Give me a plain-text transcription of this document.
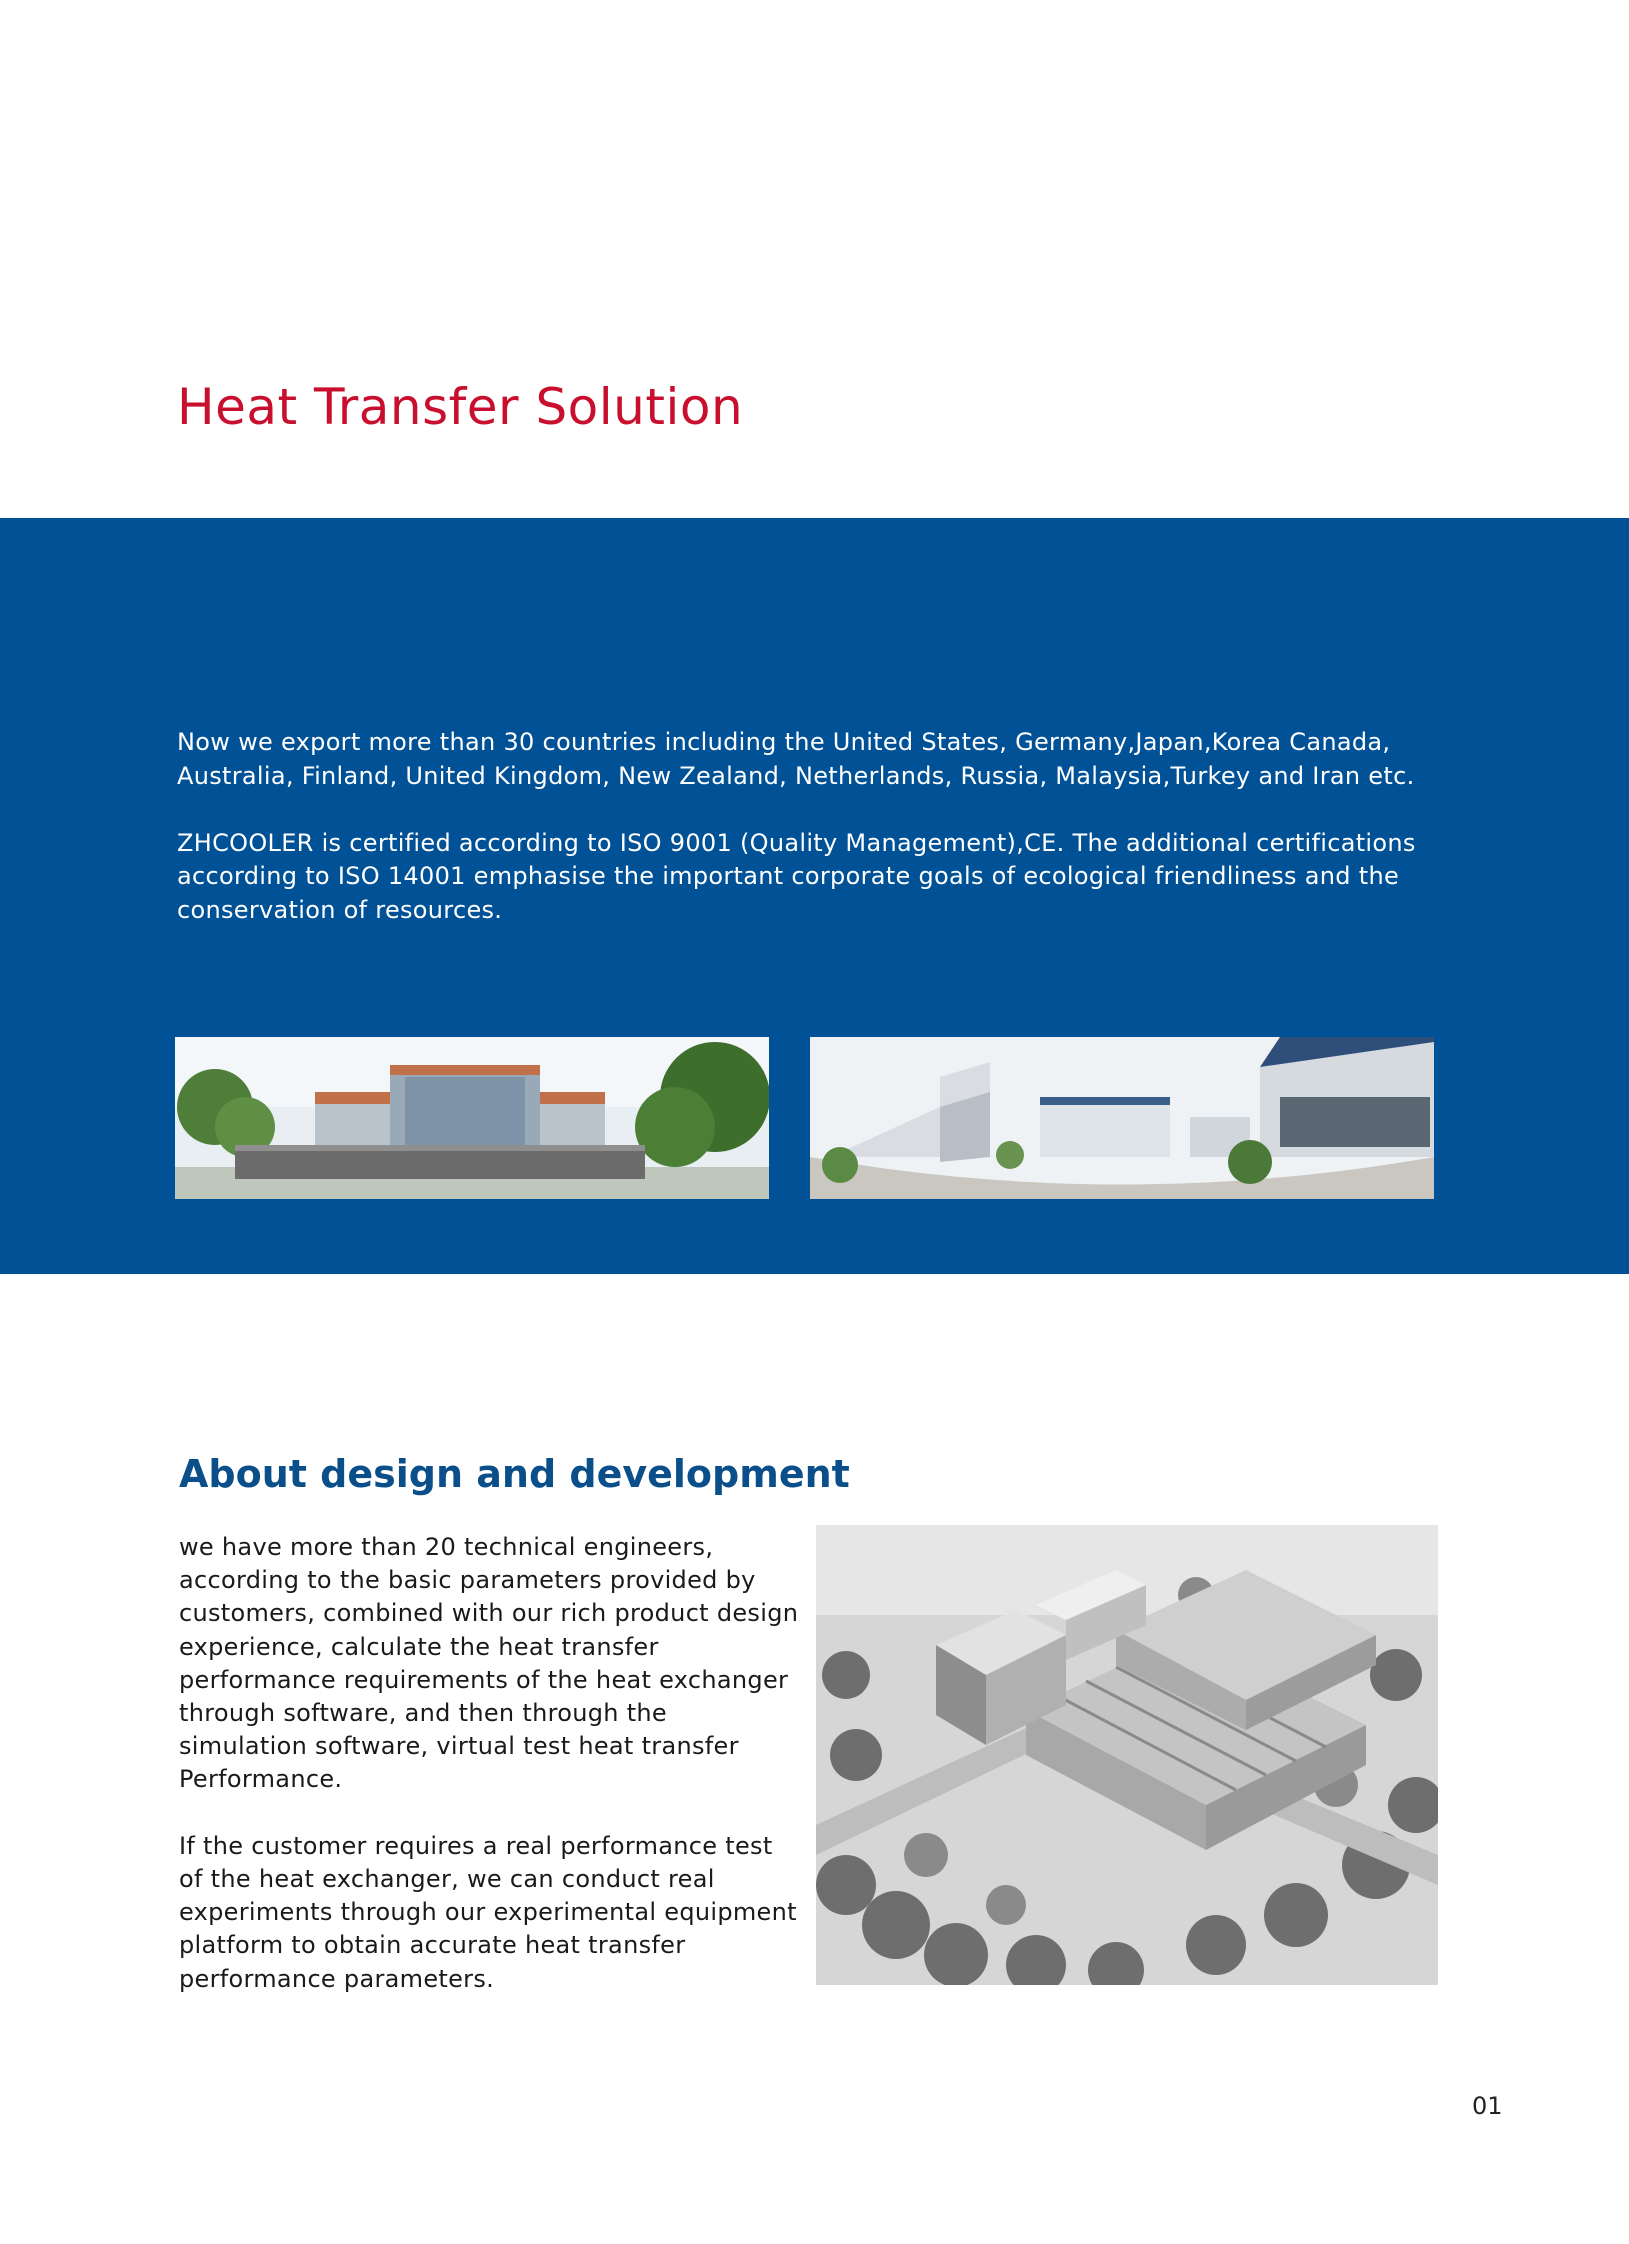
Heat Transfer Solution

Now we export more than 30 countries including the United States, Germany,Japan,Korea Canada, Australia, Finland, United Kingdom, New Zealand, Netherlands, Russia, Malaysia,Turkey and Iran etc.

ZHCOOLER is certified according to ISO 9001 (Quality Management),CE. The additional certifications according to ISO 14001 emphasise the important corporate goals of ecological friendliness and the conservation of resources.

About design and development

we have more than 20 technical engineers, according to the basic parameters provided by customers, combined with our rich product design experience, calculate the heat transfer performance requirements of the heat exchanger through software, and then through the simulation software, virtual test heat transfer Performance.

If the customer requires a real performance test of the heat exchanger, we can conduct real experiments through our experimental equipment platform to obtain accurate heat transfer performance parameters.

01
